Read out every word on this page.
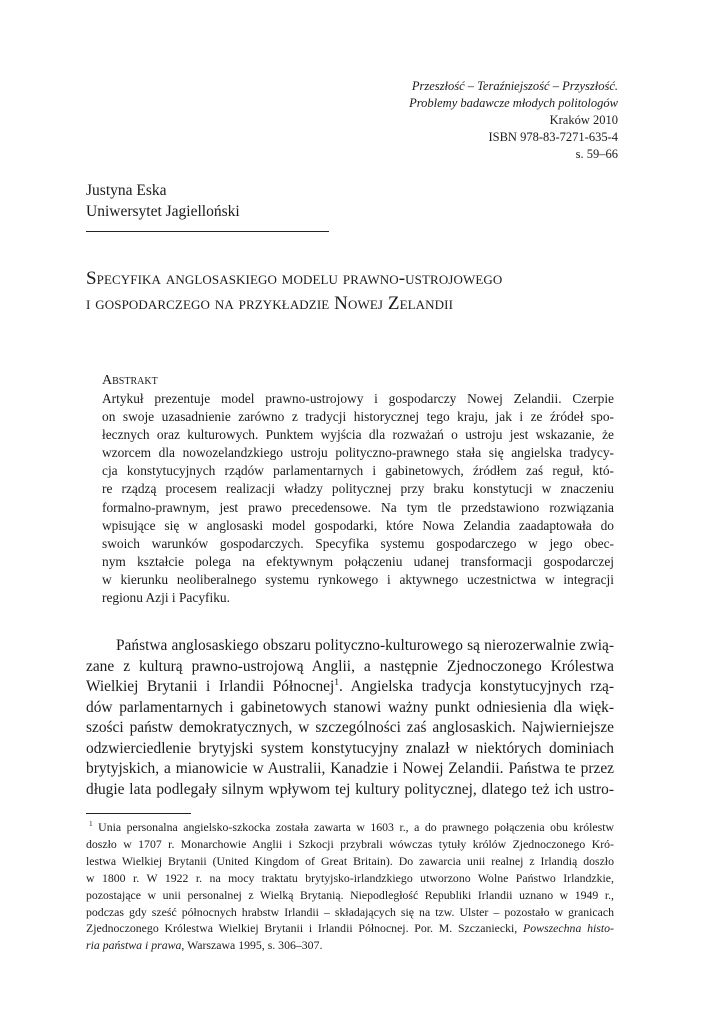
Przeszłość – Teraźniejszość – Przyszłość.
Problemy badawcze młodych politologów
Kraków 2010
ISBN 978-83-7271-635-4
s. 59–66
Justyna Eska
Uniwersytet Jagielloński
Specyfika anglosaskiego modelu prawno-ustrojowego
i gospodarczego na przykładzie Nowej Zelandii
Abstrakt
Artykuł prezentuje model prawno-ustrojowy i gospodarczy Nowej Zelandii. Czerpie
on swoje uzasadnienie zarówno z tradycji historycznej tego kraju, jak i ze źródeł spo-
łecznych oraz kulturowych. Punktem wyjścia dla rozważań o ustroju jest wskazanie, że
wzorcem dla nowozelandzkiego ustroju polityczno-prawnego stała się angielska tradycy-
cja konstytucyjnych rządów parlamentarnych i gabinetowych, źródłem zaś reguł, któ-
re rządzą procesem realizacji władzy politycznej przy braku konstytucji w znaczeniu
formalno-prawnym, jest prawo precedensowe. Na tym tle przedstawiono rozwiązania
wpisujące się w anglosaski model gospodarki, które Nowa Zelandia zaadaptowała do
swoich warunków gospodarczych. Specyfika systemu gospodarczego w jego obec-
nym kształcie polega na efektywnym połączeniu udanej transformacji gospodarczej
w kierunku neoliberalnego systemu rynkowego i aktywnego uczestnictwa w integracji
regionu Azji i Pacyfiku.
Państwa anglosaskiego obszaru polityczno-kulturowego są nierozerwalnie zwią-
zane z kulturą prawno-ustrojową Anglii, a następnie Zjednoczonego Królestwa
Wielkiej Brytanii i Irlandii Północnej$^1$. Angielska tradycja konstytucyjnych rzą-
dów parlamentarnych i gabinetowych stanowi ważny punkt odniesienia dla więk-
szości państw demokratycznych, w szczególności zaś anglosaskich. Najwierniejsze
odzwierciedlenie brytyjski system konstytucyjny znalazł w niektórych dominiach
brytyjskich, a mianowicie w Australii, Kanadzie i Nowej Zelandii. Państwa te przez
długie lata podlegały silnym wpływom tej kultury politycznej, dlatego też ich ustro-
$^1$ Unia personalna angielsko-szkocka została zawarta w 1603 r., a do prawnego połączenia obu królestw
doszło w 1707 r. Monarchowie Anglii i Szkocji przybrali wówczas tytuły królów Zjednoczonego Kró-
lestwa Wielkiej Brytanii (United Kingdom of Great Britain). Do zawarcia unii realnej z Irlandią doszło
w 1800 r. W 1922 r. na mocy traktatu brytyjsko-irlandzkiego utworzono Wolne Państwo Irlandzkie,
pozostające w unii personalnej z Wielką Brytanią. Niepodległość Republiki Irlandii uznano w 1949 r.,
podczas gdy sześć północnych hrabstw Irlandii – składających się na tzw. Ulster – pozostało w granicach
Zjednoczonego Królestwa Wielkiej Brytanii i Irlandii Północnej. Por. M. Szczaniecki, Powszechna histo-
ria państwa i prawa, Warszawa 1995, s. 306–307.
